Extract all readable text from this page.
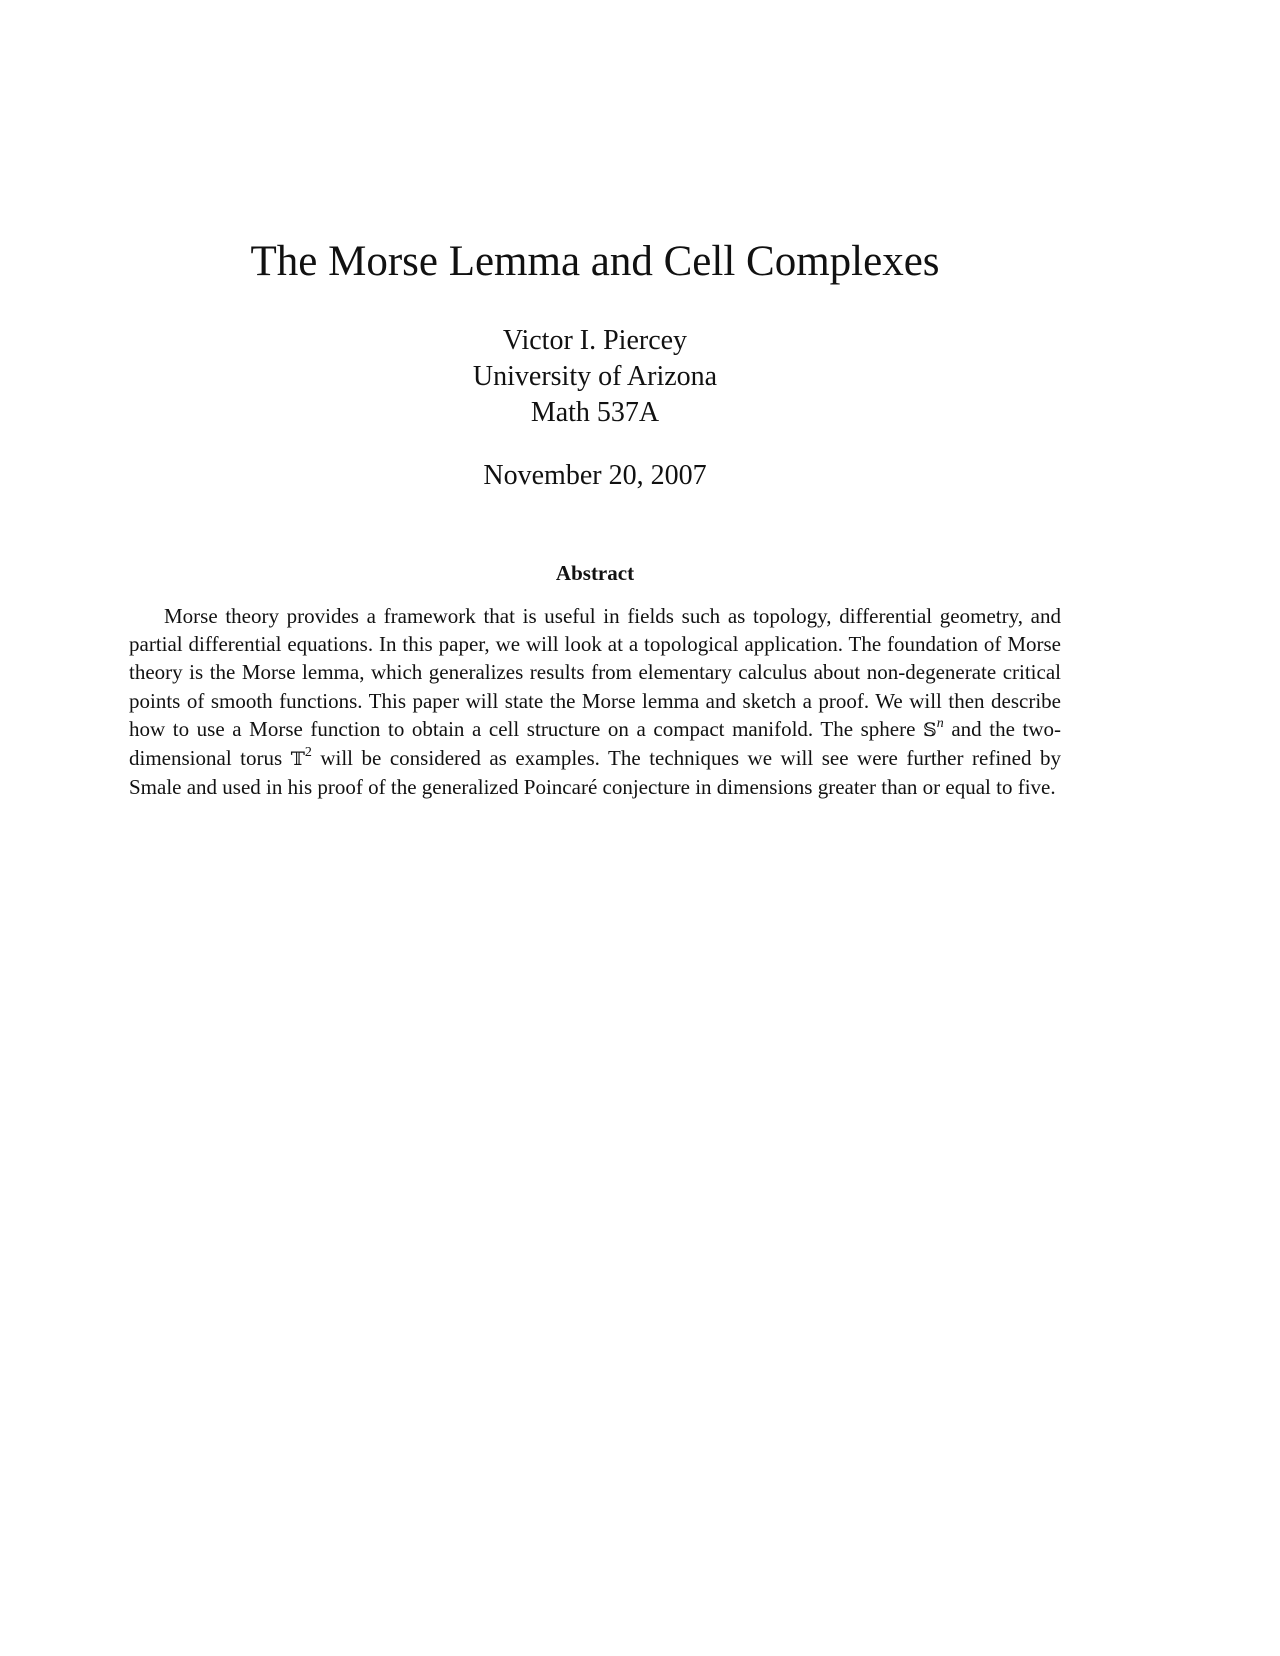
The Morse Lemma and Cell Complexes
Victor I. Piercey
University of Arizona
Math 537A
November 20, 2007
Abstract

Morse theory provides a framework that is useful in fields such as topology, differential geometry, and partial differential equations. In this paper, we will look at a topological application. The foundation of Morse theory is the Morse lemma, which generalizes results from elementary calculus about non-degenerate critical points of smooth functions. This paper will state the Morse lemma and sketch a proof. We will then describe how to use a Morse function to obtain a cell structure on a compact manifold. The sphere 𝕊$^n$ and the two-dimensional torus 𝕋$^2$ will be considered as examples. The techniques we will see were further refined by Smale and used in his proof of the generalized Poincaré conjecture in dimensions greater than or equal to five.
